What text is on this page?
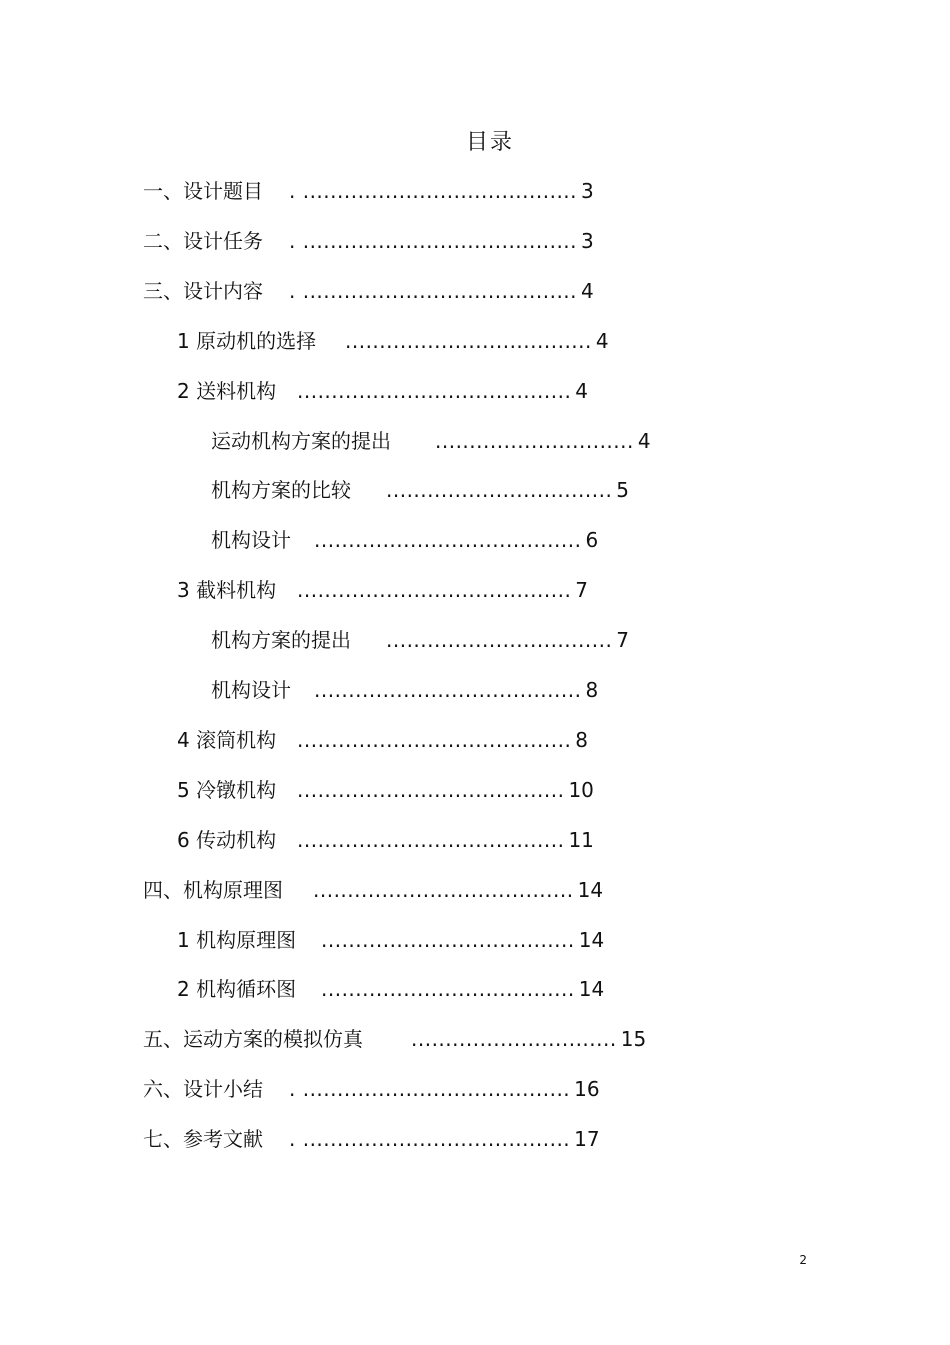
目录
一、设计题目. ........................................ 3
二、设计任务. ........................................ 3
三、设计内容. ........................................ 4
1 原动机的选择 .................................... 4
2 送料机构 ........................................ 4
运动机构方案的提出 ............................. 4
机构方案的比较 ................................. 5
机构设计 ....................................... 6
3 截料机构 ........................................ 7
机构方案的提出 ................................. 7
机构设计 ....................................... 8
4 滚筒机构 ........................................ 8
5 冷镦机构 ....................................... 10
6 传动机构 ....................................... 11
四、机构原理图 ...................................... 14
1 机构原理图 ..................................... 14
2 机构循环图 ..................................... 14
五、运动方案的模拟仿真 .............................. 15
六、设计小结. ....................................... 16
七、参考文献. ....................................... 17
2
